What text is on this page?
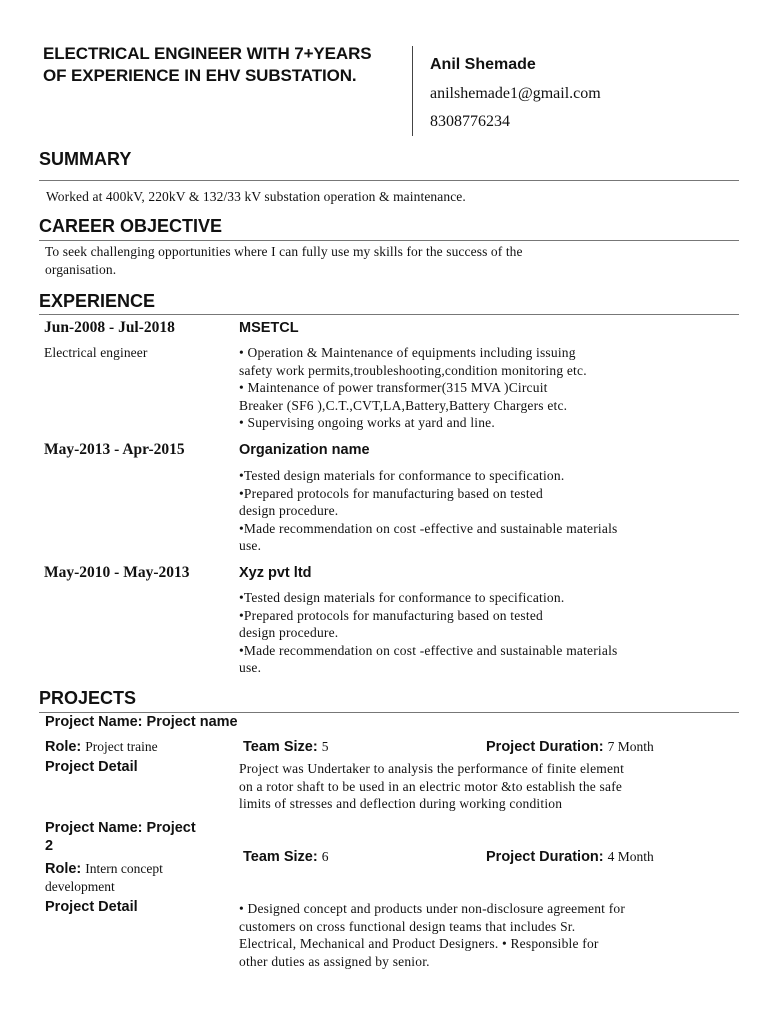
ELECTRICAL ENGINEER WITH 7+YEARS
OF EXPERIENCE IN EHV SUBSTATION.
Anil Shemade
anilshemade1@gmail.com
8308776234
SUMMARY
Worked at 400kV, 220kV & 132/33 kV substation operation & maintenance.
CAREER OBJECTIVE
To seek challenging opportunities where I can fully use my skills for the success of the
organisation.
EXPERIENCE
Jun-2008 - Jul-2018	MSETCL
Electrical engineer	• Operation & Maintenance of equipments including issuing
safety work permits,troubleshooting,condition monitoring etc.
• Maintenance of power transformer(315 MVA )Circuit
Breaker (SF6 ),C.T.,CVT,LA,Battery,Battery Chargers etc.
• Supervising ongoing works at yard and line.
May-2013 - Apr-2015	Organization name
•Tested design materials for conformance to specification.
•Prepared protocols for manufacturing based on tested
design procedure.
•Made recommendation on cost -effective and sustainable materials
use.
May-2010 - May-2013	Xyz pvt ltd
•Tested design materials for conformance to specification.
•Prepared protocols for manufacturing based on tested
design procedure.
•Made recommendation on cost -effective and sustainable materials
use.
PROJECTS
Project Name: Project name
Role: Project traine	Team Size: 5	Project Duration: 7 Month
Project Detail	Project was Undertaker to analysis the performance of finite element
on a rotor shaft to be used in an electric motor &to establish the safe
limits of stresses and deflection during working condition
Project Name: Project
2
Role: Intern concept
development
Team Size: 6	Project Duration: 4 Month
Project Detail	• Designed concept and products under non-disclosure agreement for
customers on cross functional design teams that includes Sr.
Electrical, Mechanical and Product Designers. • Responsible for
other duties as assigned by senior.
